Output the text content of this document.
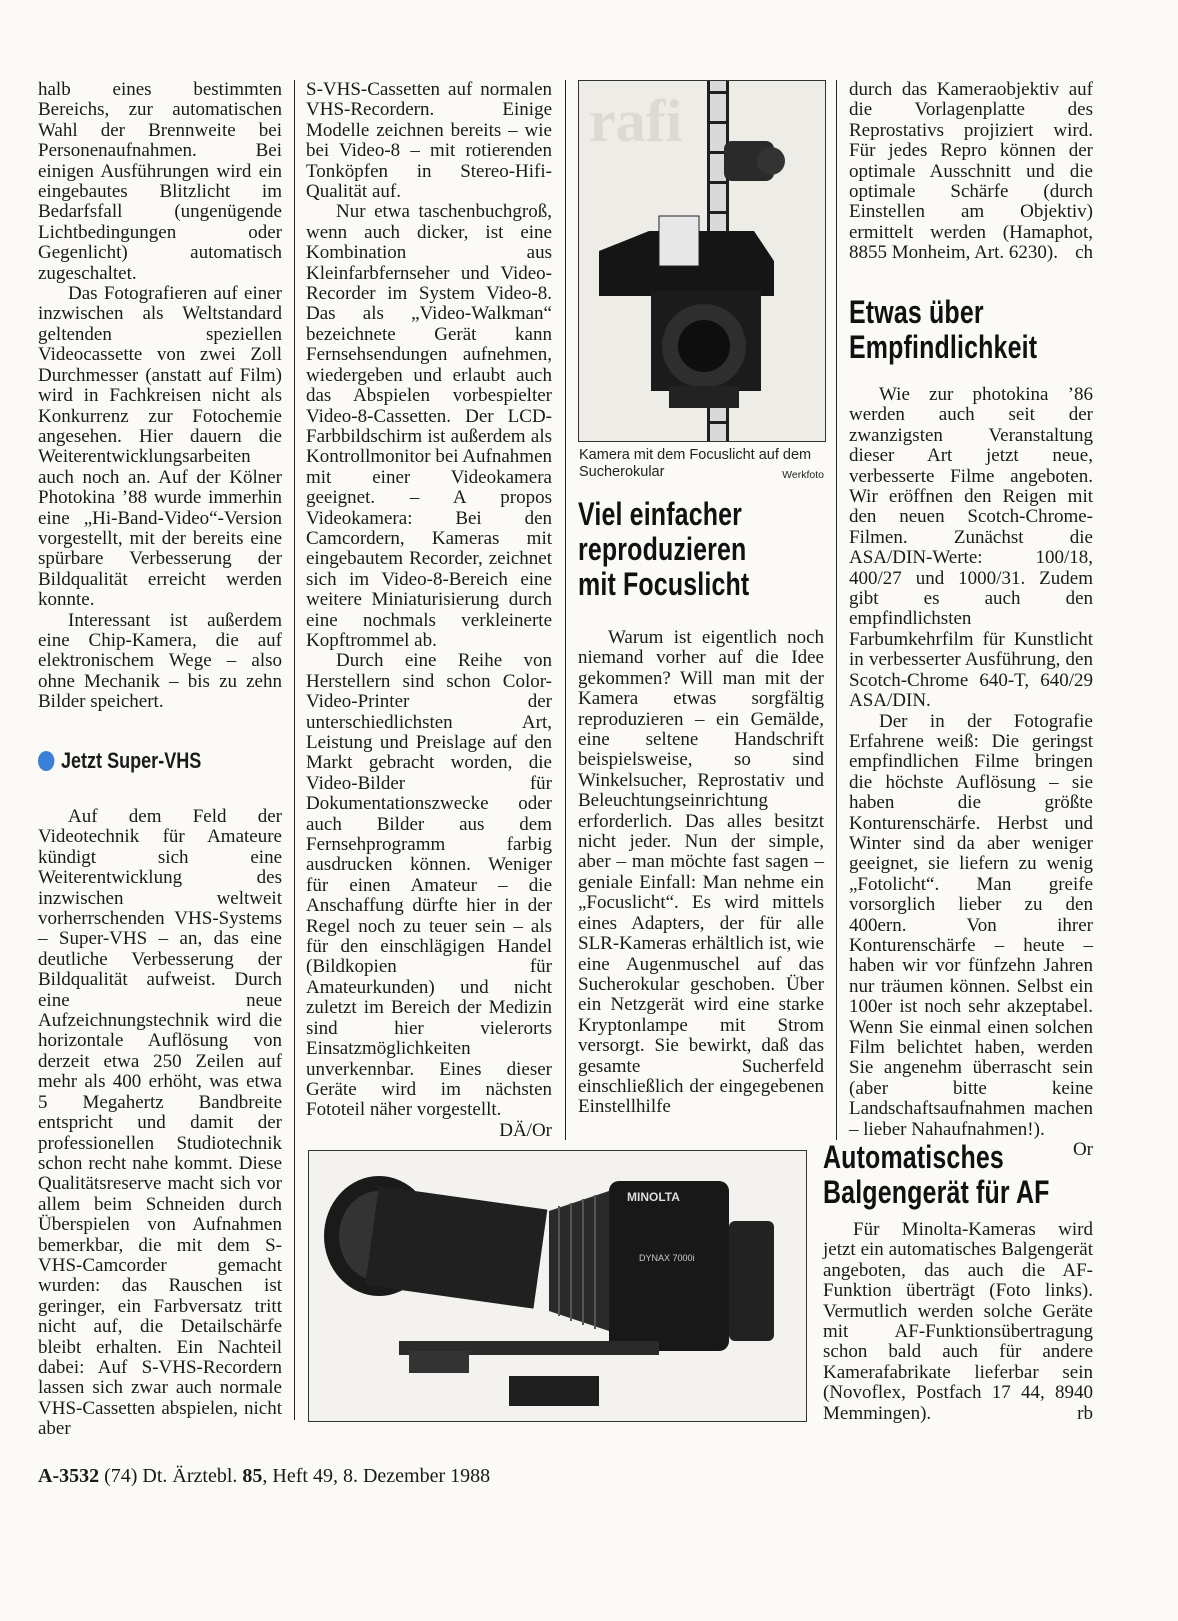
halb eines bestimmten Bereichs, zur automatischen Wahl der Brennweite bei Personenaufnahmen. Bei einigen Ausführungen wird ein eingebautes Blitzlicht im Bedarfsfall (ungenügende Lichtbedingungen oder Gegenlicht) automatisch zugeschaltet.

Das Fotografieren auf einer inzwischen als Weltstandard geltenden speziellen Videocassette von zwei Zoll Durchmesser (anstatt auf Film) wird in Fachkreisen nicht als Konkurrenz zur Fotochemie angesehen. Hier dauern die Weiterentwicklungsarbeiten auch noch an. Auf der Kölner Photokina ’88 wurde immerhin eine „Hi-Band-Video“-Version vorgestellt, mit der bereits eine spürbare Verbesserung der Bildqualität erreicht werden konnte.

Interessant ist außerdem eine Chip-Kamera, die auf elektronischem Wege – also ohne Mechanik – bis zu zehn Bilder speichert.

Jetzt Super-VHS

Auf dem Feld der Videotechnik für Amateure kündigt sich eine Weiterentwicklung des inzwischen weltweit vorherrschenden VHS-Systems – Super-VHS – an, das eine deutliche Verbesserung der Bildqualität aufweist. Durch eine neue Aufzeichnungstechnik wird die horizontale Auflösung von derzeit etwa 250 Zeilen auf mehr als 400 erhöht, was etwa 5 Megahertz Bandbreite entspricht und damit der professionellen Studiotechnik schon recht nahe kommt. Diese Qualitätsreserve macht sich vor allem beim Schneiden durch Überspielen von Aufnahmen bemerkbar, die mit dem S-VHS-Camcorder gemacht wurden: das Rauschen ist geringer, ein Farbversatz tritt nicht auf, die Detailschärfe bleibt erhalten. Ein Nachteil dabei: Auf S-VHS-Recordern lassen sich zwar auch normale VHS-Cassetten abspielen, nicht aber

S-VHS-Cassetten auf normalen VHS-Recordern. Einige Modelle zeichnen bereits – wie bei Video-8 – mit rotierenden Tonköpfen in Stereo-Hifi-Qualität auf.

Nur etwa taschenbuchgroß, wenn auch dicker, ist eine Kombination aus Kleinfarbfernseher und Video-Recorder im System Video-8. Das als „Video-Walkman“ bezeichnete Gerät kann Fernsehsendungen aufnehmen, wiedergeben und erlaubt auch das Abspielen vorbespielter Video-8-Cassetten. Der LCD-Farbbildschirm ist außerdem als Kontrollmonitor bei Aufnahmen mit einer Videokamera geeignet. – A propos Videokamera: Bei den Camcordern, Kameras mit eingebautem Recorder, zeichnet sich im Video-8-Bereich eine weitere Miniaturisierung durch eine nochmals verkleinerte Kopftrommel ab.

Durch eine Reihe von Herstellern sind schon Color-Video-Printer der unterschiedlichsten Art, Leistung und Preislage auf den Markt gebracht worden, die Video-Bilder für Dokumentationszwecke oder auch Bilder aus dem Fernsehprogramm farbig ausdrucken können. Weniger für einen Amateur – die Anschaffung dürfte hier in der Regel noch zu teuer sein – als für den einschlägigen Handel (Bildkopien für Amateurkunden) und nicht zuletzt im Bereich der Medizin sind hier vielerorts Einsatzmöglichkeiten unverkennbar. Eines dieser Geräte wird im nächsten Fototeil näher vorgestellt.

DÄ/Or
rafi
Kamera mit dem Focuslicht auf dem Sucherokular	Werkfoto
Viel einfacher
reproduzieren
mit Focuslicht

Warum ist eigentlich noch niemand vorher auf die Idee gekommen? Will man mit der Kamera etwas sorgfältig reproduzieren – ein Gemälde, eine seltene Handschrift beispielsweise, so sind Winkelsucher, Reprostativ und Beleuchtungseinrichtung erforderlich. Das alles besitzt nicht jeder. Nun der simple, aber – man möchte fast sagen – geniale Einfall: Man nehme ein „Focuslicht“. Es wird mittels eines Adapters, der für alle SLR-Kameras erhältlich ist, wie eine Augenmuschel auf das Sucherokular geschoben. Über ein Netzgerät wird eine starke Kryptonlampe mit Strom versorgt. Sie bewirkt, daß das gesamte Sucherfeld einschließlich der eingegebenen Einstellhilfe

durch das Kameraobjektiv auf die Vorlagenplatte des Reprostativs projiziert wird. Für jedes Repro können der optimale Ausschnitt und die optimale Schärfe (durch Einstellen am Objektiv) ermittelt werden (Hamaphot, 8855 Monheim, Art. 6230). ch

Etwas über
Empfindlichkeit

Wie zur photokina ’86 werden auch seit der zwanzigsten Veranstaltung dieser Art jetzt neue, verbesserte Filme angeboten. Wir eröffnen den Reigen mit den neuen Scotch-Chrome-Filmen. Zunächst die ASA/DIN-Werte: 100/18, 400/27 und 1000/31. Zudem gibt es auch den empfindlichsten Farbumkehrfilm für Kunstlicht in verbesserter Ausführung, den Scotch-Chrome 640-T, 640/29 ASA/DIN.

Der in der Fotografie Erfahrene weiß: Die geringst empfindlichen Filme bringen die höchste Auflösung – sie haben die größte Konturenschärfe. Herbst und Winter sind da aber weniger geeignet, sie liefern zu wenig „Fotolicht“. Man greife vorsorglich lieber zu den 400ern. Von ihrer Konturenschärfe – heute – haben wir vor fünfzehn Jahren nur träumen können. Selbst ein 100er ist noch sehr akzeptabel. Wenn Sie einmal einen solchen Film belichtet haben, werden Sie angenehm überrascht sein (aber bitte keine Landschaftsaufnahmen machen – lieber Nahaufnahmen!).
Or

MINOLTA
DYNAX 7000i
Automatisches
Balgengerät für AF

Für Minolta-Kameras wird jetzt ein automatisches Balgengerät angeboten, das auch die AF-Funktion überträgt (Foto links). Vermutlich werden solche Geräte mit AF-Funktionsübertragung schon bald auch für andere Kamerafabrikate lieferbar sein (Novoflex, Postfach 17 44, 8940 Memmingen).	rb

A-3532 (74) Dt. Ärztebl. 85, Heft 49, 8. Dezember 1988
